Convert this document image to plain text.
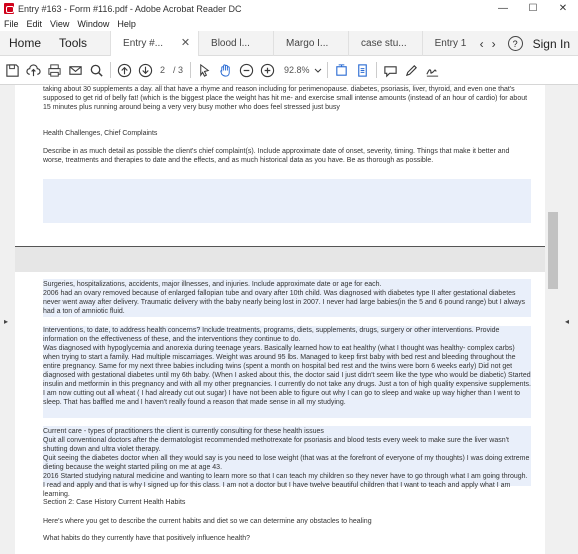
Entry #163 - Form #116.pdf - Adobe Acrobat Reader DC	—	☐	✕
File Edit View Window Help
Home	Tools	Entry #... ✕	Blood l...	Margo I...	case stu...	Entry 1	‹ ›	?	Sign In
2 / 3	92.8%
taking about 30 supplements a day. all that have a rhyme and reason including for perimenopause. diabetes, psoriasis, liver, thyroid, and even one that's supposed to get rid of belly fat! (which is the biggest place the weight has hit me- and exercise small intense amounts (instead of an hour of cardio) for about 15 minutes plus running around being a very very busy mother who does feel stressed just busy
Health Challenges, Chief Complaints
Describe in as much detail as possible the client's chief complaint(s). Include approximate date of onset, severity, timing. Things that make it better and worse, treatments and therapies to date and the effects, and as much historical data as you have. Be as thorough as possible.
Surgeries, hospitalizations, accidents, major illnesses, and injuries. Include approximate date or age for each.
2006 had an ovary removed because of enlarged fallopian tube and ovary after 10th child. Was diagnosed with diabetes type II after gestational diabetes never went away after delivery. Traumatic delivery with the baby nearly being lost in 2007. I never had large babies(in the 5 and 6 pound range) but I always had a ton of amniotic fluid.
Interventions, to date, to address health concerns? Include treatments, programs, diets, supplements, drugs, surgery or other interventions. Provide information on the effectiveness of these, and the interventions they continue to do.
Was diagnosed with hypoglycemia and anorexia during teenage years. Basically learned how to eat healthy (what I thought was healthy- complex carbs) when trying to start a family. Had multiple miscarriages. Weight was around 95 lbs. Managed to keep first baby with bed rest and bleeding throughout the entire pregnancy. Same for my next three babies including twins (spent a month on hospital bed rest and the twins were born 6 weeks early) Did not get diagnosed with gestational diabetes until my 6th baby. (When I asked about this, the doctor said I just didn't seem like the type who would be diabetic) Started insulin and metformin in this pregnancy and with all my other pregnancies. I currently do not take any drugs. Just a ton of high quality expensive supplements. I am now cutting out all wheat ( I had already cut out sugar) I have not been able to figure out why I can go to sleep and wake up way higher than I went to sleep. That has baffled me and I haven't really found a reason that made sense in all my studying.
Current care - types of practitioners the client is currently consulting for these health issues
Quit all conventional doctors after the dermatologist recommended methotrexate for psoriasis and blood tests every week to make sure the liver wasn't shutting down and ultra violet therapy.
Quit seeing the diabetes doctor when all they would say is you need to lose weight (that was at the forefront of everyone of my thoughts) I was doing extreme dieting because the weight started piling on me at age 43.
2016 Started studying natural medicine and wanting to learn more so that I can teach my children so they never have to go through what I am going through. I read and apply and that is why I signed up for this class. I am not a doctor but I have twelve beautiful children that I want to teach and apply what I am learning.
Section 2: Case History Current Health Habits
Here's where you get to describe the current habits and diet so we can determine any obstacles to healing
What habits do they currently have that positively influence health?
▸	◂
